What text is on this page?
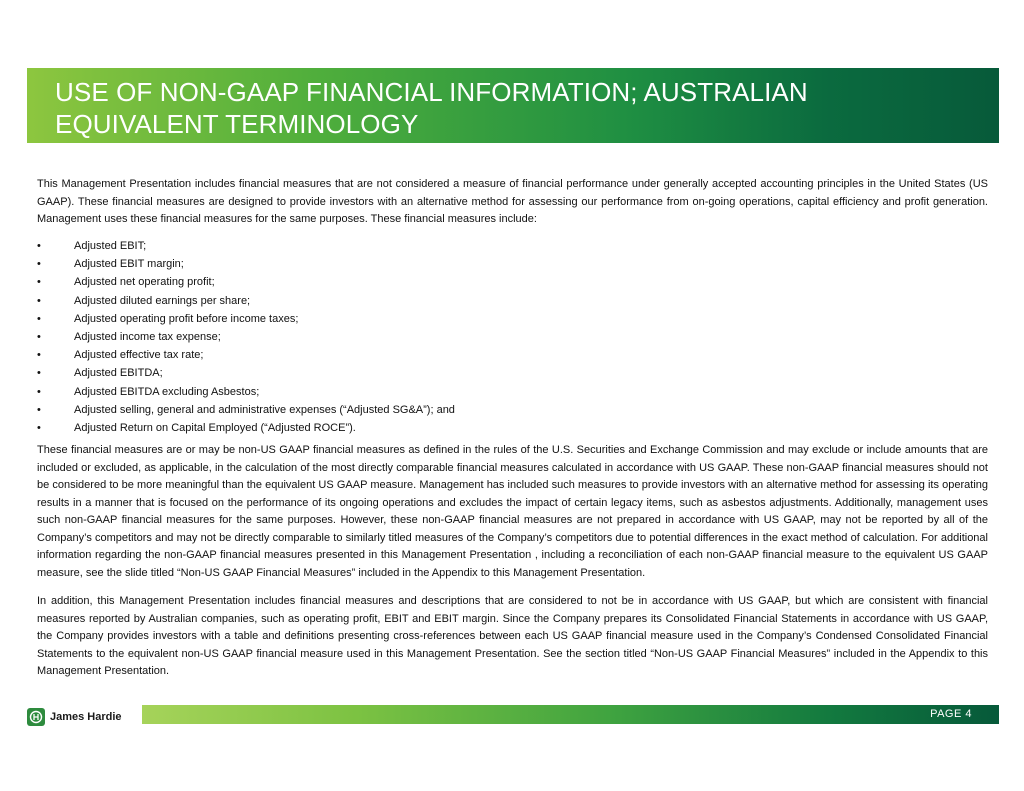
USE OF NON-GAAP FINANCIAL INFORMATION; AUSTRALIAN
EQUIVALENT TERMINOLOGY

This Management Presentation includes financial measures that are not considered a measure of financial performance under generally accepted accounting principles in the United States (US GAAP). These financial measures are designed to provide investors with an alternative method for assessing our performance from on-going operations, capital efficiency and profit generation. Management uses these financial measures for the same purposes. These financial measures include:

•	Adjusted EBIT;
•	Adjusted EBIT margin;
•	Adjusted net operating profit;
•	Adjusted diluted earnings per share;
•	Adjusted operating profit before income taxes;
•	Adjusted income tax expense;
•	Adjusted effective tax rate;
•	Adjusted EBITDA;
•	Adjusted EBITDA excluding Asbestos;
•	Adjusted selling, general and administrative expenses (“Adjusted SG&A”); and
•	Adjusted Return on Capital Employed (“Adjusted ROCE”).

These financial measures are or may be non-US GAAP financial measures as defined in the rules of the U.S. Securities and Exchange Commission and may exclude or include amounts that are included or excluded, as applicable, in the calculation of the most directly comparable financial measures calculated in accordance with US GAAP. These non-GAAP financial measures should not be considered to be more meaningful than the equivalent US GAAP measure. Management has included such measures to provide investors with an alternative method for assessing its operating results in a manner that is focused on the performance of its ongoing operations and excludes the impact of certain legacy items, such as asbestos adjustments. Additionally, management uses such non-GAAP financial measures for the same purposes. However, these non-GAAP financial measures are not prepared in accordance with US GAAP, may not be reported by all of the Company’s competitors and may not be directly comparable to similarly titled measures of the Company’s competitors due to potential differences in the exact method of calculation. For additional information regarding the non-GAAP financial measures presented in this Management Presentation , including a reconciliation of each non-GAAP financial measure to the equivalent US GAAP measure, see the slide titled “Non-US GAAP Financial Measures” included in the Appendix to this Management Presentation.

In addition, this Management Presentation includes financial measures and descriptions that are considered to not be in accordance with US GAAP, but which are consistent with financial measures reported by Australian companies, such as operating profit, EBIT and EBIT margin. Since the Company prepares its Consolidated Financial Statements in accordance with US GAAP, the Company provides investors with a table and definitions presenting cross-references between each US GAAP financial measure used in the Company’s Condensed Consolidated Financial Statements to the equivalent non-US GAAP financial measure used in this Management Presentation. See the section titled “Non-US GAAP Financial Measures” included in the Appendix to this Management Presentation.

James Hardie	PAGE 4
